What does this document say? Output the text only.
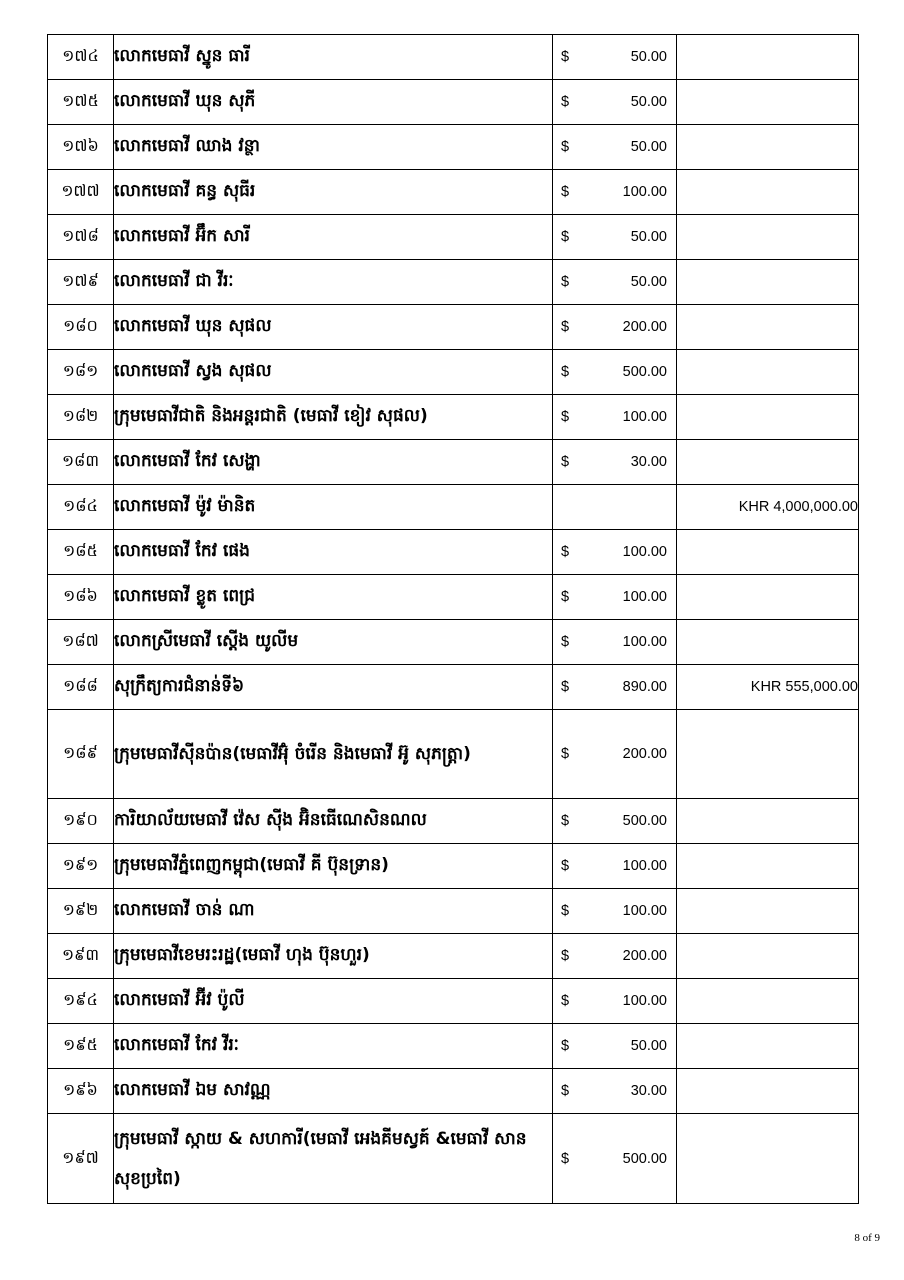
១៧៤	លោកមេធាវី ស្នូន ធារី	$ 50.00	

១៧៥	លោកមេធាវី ឃុន សុភី	$ 50.00	

១៧៦	លោកមេធាវី ឈាង វន្ថា	$ 50.00	

១៧៧	លោកមេធាវី គន្ធ សុធីរ	$ 100.00	

១៧៨	លោកមេធាវី អ៊ឹក សារី	$ 50.00	

១៧៩	លោកមេធាវី ជា វីរៈ	$ 50.00	

១៨០	លោកមេធាវី ឃុន សុផល	$ 200.00	

១៨១	លោកមេធាវី ស្វង សុផល	$ 500.00	

១៨២	ក្រុមមេធាវីជាតិ និងអន្តរជាតិ (មេធាវី ខៀវ សុផល)	$ 100.00	

១៨៣	លោកមេធាវី កែវ សេង្ហា	$ 30.00	

១៨៤	លោកមេធាវី ម៉ូវ ម៉ានិត		KHR 4,000,000.00
១៨៥	លោកមេធាវី កែវ ផេង	$ 100.00	

១៨៦	លោកមេធាវី ខ្លូត ពេជ្រ	$ 100.00	

១៨៧	លោកស្រីមេធាវី ស្តើង យូលីម	$ 100.00	

១៨៨	សុក្រឹត្យការជំនាន់ទី៦	$ 890.00	KHR 555,000.00
១៨៩	ក្រុមមេធាវីស៊ីនប៉ាន(មេធាវីអ៊ុំ ចំរើន និងមេធាវី អ៊ូ សុភត្ត្រា)	$ 200.00	

១៩០	ការិយាល័យមេធាវី វ៉េស ស៊ីង អ៊ិនធើណេសិនណល	$ 500.00	

១៩១	ក្រុមមេធាវីភ្នំពេញកម្ពុជា(មេធាវី គី ប៊ុនទ្រាន)	$ 100.00	

១៩២	លោកមេធាវី ចាន់ ណា	$ 100.00	

១៩៣	ក្រុមមេធាវីខេមរះរដ្ឋ(មេធាវី ហុង ប៊ុនហួរ)	$ 200.00	

១៩៤	លោកមេធាវី អ៊ីវ ប៉ូលី	$ 100.00	

១៩៥	លោកមេធាវី កែវ វីរៈ	$ 50.00	

១៩៦	លោកមេធាវី ឯម សាវណ្ណ	$ 30.00	

១៩៧	ក្រុមមេធាវី ស្កាយ & សហការី(មេធាវី អេងគីមស្វគ៍ &មេធាវី សាន សុខប្រពៃ)	$ 500.00	

8 of 9
